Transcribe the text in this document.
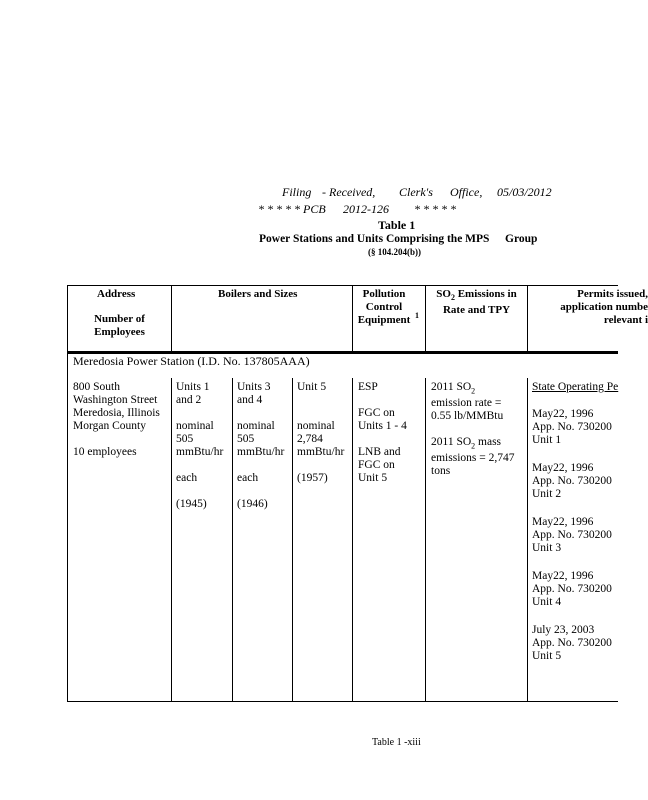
Filing - Received, Clerk's Office, 05/03/2012
* * * * * PCB 2012-126 * * * * *
Table 1
Power Stations and Units Comprising the MPS Group
(§ 104.204(b))
Address
Number of
Employees
Boilers and Sizes	Pollution
Control
Equipment 1
$SO_2$ Emissions in
Rate and TPY
Permits issued,
application numbe
relevant i
Meredosia Power Station (I.D. No. 137805AAA)
800 South
Washington Street
Meredosia, Illinois
Morgan County

10 employees
Units 1
and 2

nominal
505
mmBtu/hr

each

(1945)
Units 3
and 4

nominal
505
mmBtu/hr

each

(1946)
Unit 5

nominal
2,784
mmBtu/hr

(1957)
ESP

FGC on
Units 1 - 4

LNB and
FGC on
Unit 5
2011 $SO_2$
emission rate =
0.55 lb/MMBtu
2011 $SO_2$ mass
emissions = 2,747
tons
State Operating Pe
May22, 1996
App. No. 730200
Unit 1
May22, 1996
App. No. 730200
Unit 2
May22, 1996
App. No. 730200
Unit 3
May22, 1996
App. No. 730200
Unit 4
July 23, 2003
App. No. 730200
Unit 5
Table 1 -xiii
